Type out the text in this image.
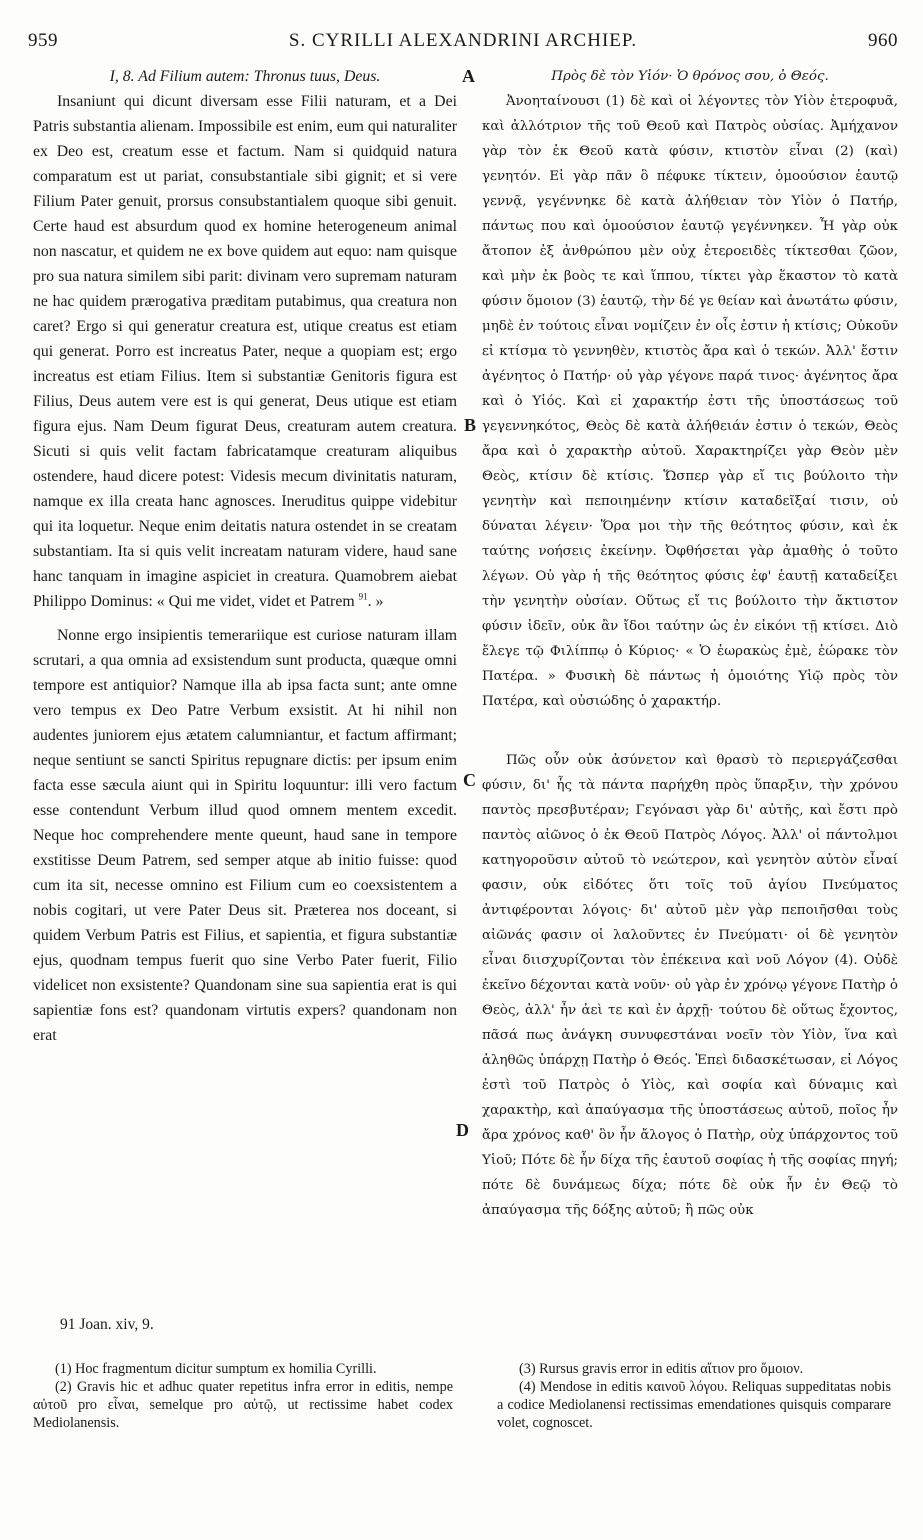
959	S. CYRILLI ALEXANDRINI ARCHIEP.	960

I, 8. Ad Filium autem: Thronus tuus, Deus.

Insaniunt qui dicunt diversam esse Filii naturam, et a Dei Patris substantia alienam. Impossibile est enim, eum qui naturaliter ex Deo est, creatum esse et factum. Nam si quidquid natura comparatum est ut pariat, consubstantiale sibi gignit; et si vere Filium Pater genuit, prorsus consubstantialem quoque sibi genuit. Certe haud est absurdum quod ex homine heterogeneum animal non nascatur, et quidem ne ex bove quidem aut equo: nam quisque pro sua natura similem sibi parit: divinam vero supremam naturam ne hac quidem prærogativa præditam putabimus, qua creatura non caret? Ergo si qui generatur creatura est, utique creatus est etiam qui generat. Porro est increatus Pater, neque a quopiam est; ergo increatus est etiam Filius. Item si substantiæ Genitoris figura est Filius, Deus autem vere est is qui generat, Deus utique est etiam figura ejus. Nam Deum figurat Deus, creaturam autem creatura. Sicuti si quis velit factam fabricatamque creaturam aliquibus ostendere, haud dicere potest: Videsis mecum divinitatis naturam, namque ex illa creata hanc agnosces. Ineruditus quippe videbitur qui ita loquetur. Neque enim deitatis natura ostendet in se creatam substantiam. Ita si quis velit increatam naturam videre, haud sane hanc tanquam in imagine aspiciet in creatura. Quamobrem aiebat Philippo Dominus: « Qui me videt, videt et Patrem $^{91}$. »

Nonne ergo insipientis temerariique est curiose naturam illam scrutari, a qua omnia ad exsistendum sunt producta, quæque omni tempore est antiquior? Namque illa ab ipsa facta sunt; ante omne vero tempus ex Deo Patre Verbum exsistit. At hi nihil non audentes juniorem ejus ætatem calumniantur, et factum affirmant; neque sentiunt se sancti Spiritus repugnare dictis: per ipsum enim facta esse sæcula aiunt qui in Spiritu loquuntur: illi vero factum esse contendunt Verbum illud quod omnem mentem excedit. Neque hoc comprehendere mente queunt, haud sane in tempore exstitisse Deum Patrem, sed semper atque ab initio fuisse: quod cum ita sit, necesse omnino est Filium cum eo coexsistentem a nobis cogitari, ut vere Pater Deus sit. Præterea nos doceant, si quidem Verbum Patris est Filius, et sapientia, et figura substantiæ ejus, quodnam tempus fuerit quo sine Verbo Pater fuerit, Filio videlicet non exsistente? Quandonam sine sua sapientia erat is qui sapientiæ fons est? quandonam virtutis expers? quandonam non erat

A
B
C
D

Πρὸς δὲ τὸν Υἱόν· Ὁ θρόνος σου, ὁ Θεός.

Ἀνοηταίνουσι (1) δὲ καὶ οἱ λέγοντες τὸν Υἱὸν ἑτεροφυᾶ, καὶ ἀλλότριον τῆς τοῦ Θεοῦ καὶ Πατρὸς οὐσίας. Ἀμήχανον γὰρ τὸν ἐκ Θεοῦ κατὰ φύσιν, κτιστὸν εἶναι (2) (καὶ) γενητόν. Εἰ γὰρ πᾶν ὃ πέφυκε τίκτειν, ὁμοούσιον ἑαυτῷ γεννᾷ, γεγέννηκε δὲ κατὰ ἀλήθειαν τὸν Υἱὸν ὁ Πατήρ, πάντως που καὶ ὁμοούσιον ἑαυτῷ γεγέννηκεν. Ἦ γὰρ οὐκ ἄτοπον ἐξ ἀνθρώπου μὲν οὐχ ἑτεροειδὲς τίκτεσθαι ζῶον, καὶ μὴν ἐκ βοὸς τε καὶ ἵππου, τίκτει γὰρ ἕκαστον τὸ κατὰ φύσιν ὅμοιον (3) ἑαυτῷ, τὴν δέ γε θείαν καὶ ἀνωτάτω φύσιν, μηδὲ ἐν τούτοις εἶναι νομίζειν ἐν οἷς ἐστιν ἡ κτίσις; Οὐκοῦν εἰ κτίσμα τὸ γεννηθὲν, κτιστὸς ἄρα καὶ ὁ τεκών. Ἀλλ' ἔστιν ἀγένητος ὁ Πατήρ· οὐ γὰρ γέγονε παρά τινος· ἀγένητος ἄρα καὶ ὁ Υἱός. Καὶ εἰ χαρακτήρ ἐστι τῆς ὑποστάσεως τοῦ γεγεννηκότος, Θεὸς δὲ κατὰ ἀλήθειάν ἐστιν ὁ τεκών, Θεὸς ἄρα καὶ ὁ χαρακτὴρ αὐτοῦ. Χαρακτηρίζει γὰρ Θεὸν μὲν Θεὸς, κτίσιν δὲ κτίσις. Ὥσπερ γὰρ εἴ τις βούλοιτο τὴν γενητὴν καὶ πεποιημένην κτίσιν καταδεῖξαί τισιν, οὐ δύναται λέγειν· Ὅρα μοι τὴν τῆς θεότητος φύσιν, καὶ ἐκ ταύτης νοήσεις ἐκείνην. Ὀφθήσεται γὰρ ἀμαθὴς ὁ τοῦτο λέγων. Οὐ γὰρ ἡ τῆς θεότητος φύσις ἐφ' ἑαυτῇ καταδείξει τὴν γενητὴν οὐσίαν. Οὕτως εἴ τις βούλοιτο τὴν ἄκτιστον φύσιν ἰδεῖν, οὐκ ἂν ἴδοι ταύτην ὡς ἐν εἰκόνι τῇ κτίσει. Διὸ ἔλεγε τῷ Φιλίππῳ ὁ Κύριος· « Ὁ ἑωρακὼς ἐμὲ, ἑώρακε τὸν Πατέρα. » Φυσικὴ δὲ πάντως ἡ ὁμοιότης Υἱῷ πρὸς τὸν Πατέρα, καὶ οὐσιώδης ὁ χαρακτήρ.

Πῶς οὖν οὐκ ἀσύνετον καὶ θρασὺ τὸ περιεργάζεσθαι φύσιν, δι' ἧς τὰ πάντα παρήχθη πρὸς ὕπαρξιν, τὴν χρόνου παντὸς πρεσβυτέραν; Γεγόνασι γὰρ δι' αὐτῆς, καὶ ἔστι πρὸ παντὸς αἰῶνος ὁ ἐκ Θεοῦ Πατρὸς Λόγος. Ἀλλ' οἱ πάντολμοι κατηγοροῦσιν αὐτοῦ τὸ νεώτερον, καὶ γενητὸν αὐτὸν εἶναί φασιν, οὐκ εἰδότες ὅτι τοῖς τοῦ ἁγίου Πνεύματος ἀντιφέρονται λόγοις· δι' αὐτοῦ μὲν γὰρ πεποιῆσθαι τοὺς αἰῶνάς φασιν οἱ λαλοῦντες ἐν Πνεύματι· οἱ δὲ γενητὸν εἶναι διισχυρίζονται τὸν ἐπέκεινα καὶ νοῦ Λόγον (4). Οὐδὲ ἐκεῖνο δέχονται κατὰ νοῦν· οὐ γὰρ ἐν χρόνῳ γέγονε Πατὴρ ὁ Θεὸς, ἀλλ' ἦν ἀεὶ τε καὶ ἐν ἀρχῇ· τούτου δὲ οὕτως ἔχοντος, πᾶσά πως ἀνάγκη συνυφεστάναι νοεῖν τὸν Υἱὸν, ἵνα καὶ ἀληθῶς ὑπάρχῃ Πατὴρ ὁ Θεός. Ἐπεὶ διδασκέτωσαν, εἰ Λόγος ἐστὶ τοῦ Πατρὸς ὁ Υἱὸς, καὶ σοφία καὶ δύναμις καὶ χαρακτὴρ, καὶ ἀπαύγασμα τῆς ὑποστάσεως αὐτοῦ, ποῖος ἦν ἄρα χρόνος καθ' ὃν ἦν ἄλογος ὁ Πατὴρ, οὐχ ὑπάρχοντος τοῦ Υἱοῦ; Πότε δὲ ἦν δίχα τῆς ἑαυτοῦ σοφίας ἡ τῆς σοφίας πηγή; πότε δὲ δυνάμεως δίχα; πότε δὲ οὐκ ἦν ἐν Θεῷ τὸ ἀπαύγασμα τῆς δόξης αὐτοῦ; ἢ πῶς οὐκ

91 Joan. xiv, 9.

(1) Hoc fragmentum dicitur sumptum ex homilia Cyrilli.

(2) Gravis hic et adhuc quater repetitus infra error in editis, nempe αὐτοῦ pro εἶναι, semelque pro αὐτῷ, ut rectissime habet codex Mediolanensis.

(3) Rursus gravis error in editis αἴτιον pro ὅμοιον.

(4) Mendose in editis καινοῦ λόγου. Reliquas suppeditatas nobis a codice Mediolanensi rectissimas emendationes quisquis comparare volet, cognoscet.
